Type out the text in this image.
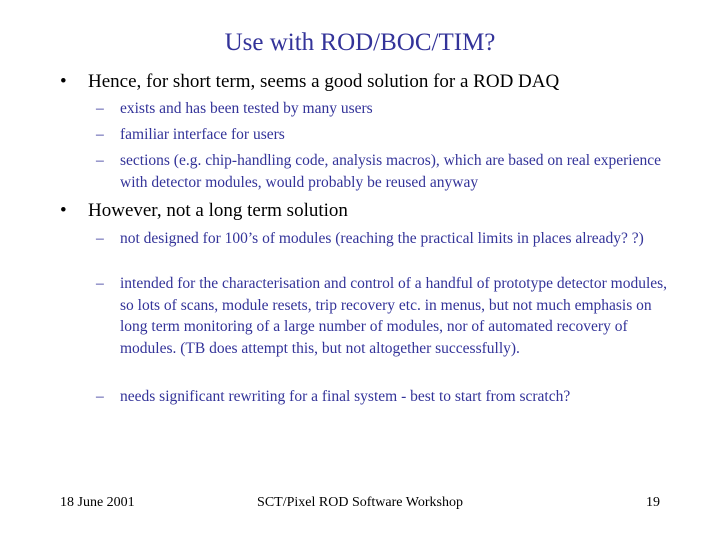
Use with ROD/BOC/TIM?
• Hence, for short term, seems a good solution for a ROD DAQ
– exists and has been tested by many users
– familiar interface for users
– sections (e.g. chip-handling code, analysis macros), which are based on real experience with detector modules, would probably be reused anyway
• However, not a long term solution
– not designed for 100’s of modules (reaching the practical limits in places already? ?)
– intended for the characterisation and control of a handful of prototype detector modules, so lots of scans, module resets, trip recovery etc. in menus, but not much emphasis on long term monitoring of a large number of modules, nor of automated recovery of modules. (TB does attempt this, but not altogether successfully).
– needs significant rewriting for a final system - best to start from scratch?
18 June 2001	SCT/Pixel ROD Software Workshop	19
